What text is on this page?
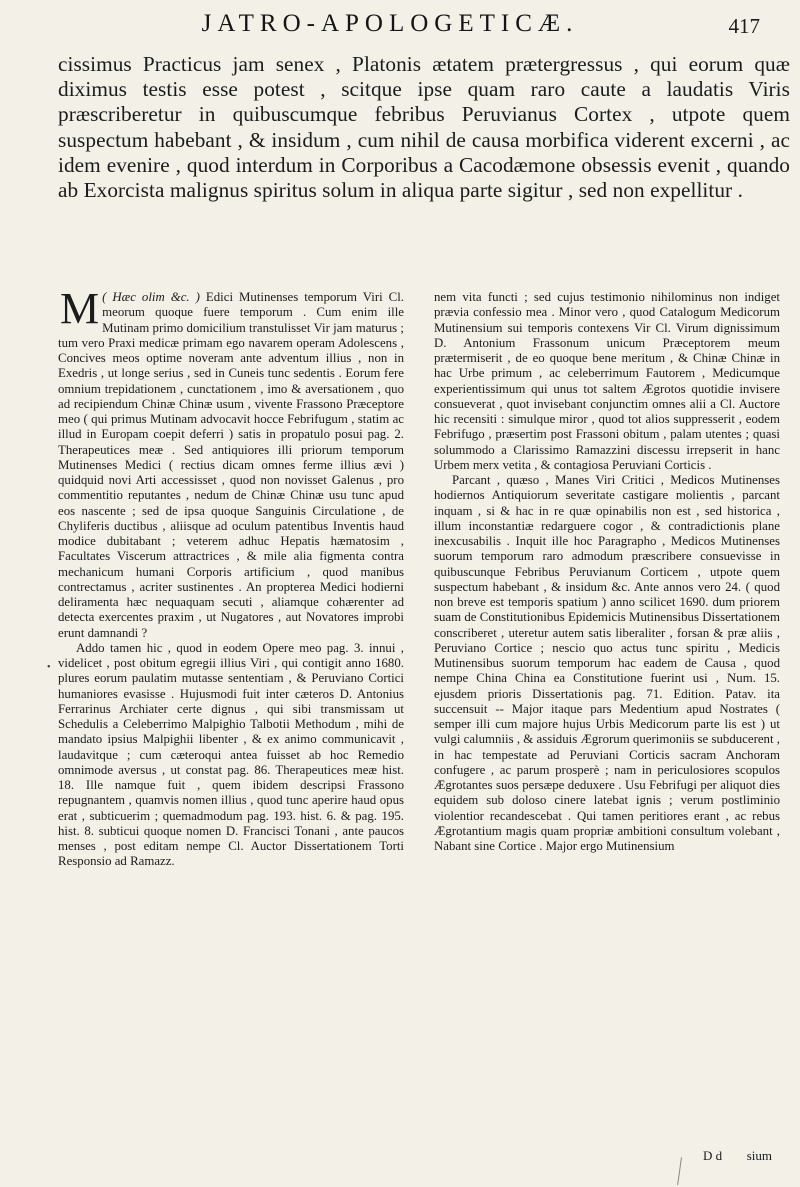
JATRO-APOLOGETICÆ.	417

cissimus Practicus jam senex , Platonis ætatem prætergressus , qui eorum quæ diximus testis esse potest , scitque ipse quam raro caute a laudatis Viris præscriberetur in quibuscumque febribus Peruvianus Cortex , utpote quem suspectum habebant , & insidum , cum nihil de causa morbifica viderent excerni , ac idem evenire , quod interdum in Corporibus a Cacodæmone obsessis evenit , quando ab Exorcista malignus spiritus solum in aliqua parte sigitur , sed non expellitur .

( Hæc olim &c. )
M	Edici Mutinenses temporum Viri Cl. meorum quoque fuere temporum . Cum enim ille Mutinam primo domicilium transtulisset Vir jam maturus ; tum vero Praxi medicæ primam ego navarem operam Adolescens , Concives meos optime noveram ante adventum illius , non in Exedris , ut longe serius , sed in Cuneis tunc sedentis . Eorum fere omnium trepidationem , cunctationem , imo & aversationem , quo ad recipiendum Chinæ Chinæ usum , vivente Frassono Præceptore meo ( qui primus Mutinam advocavit hocce Febrifugum , statim ac illud in Europam coepit deferri ) satis in propatulo posui pag. 2. Therapeutices meæ . Sed antiquiores illi priorum temporum Mutinenses Medici ( rectius dicam omnes ferme illius ævi ) quidquid novi Arti accessisset , quod non novisset Galenus , pro commentitio reputantes , nedum de Chinæ Chinæ usu tunc apud eos nascente ; sed de ipsa quoque Sanguinis Circulatione , de Chyliferis ductibus , aliisque ad oculum patentibus Inventis haud modice dubitabant ; veterem adhuc Hepatis hæmatosim , Facultates Viscerum attractrices , & mile alia figmenta contra mechanicum humani Corporis artificium , quod manibus contrectamus , acriter sustinentes . An propterea Medici hodierni deliramenta hæc nequaquam secuti , aliamque cohærenter ad detecta exercentes praxim , ut Nugatores , aut Novatores improbi erunt damnandi ?

Addo tamen hic , quod in eodem Opere meo pag. 3. innui , videlicet , post obitum egregii illius Viri , qui contigit anno 1680. plures eorum paulatim mutasse sententiam , & Peruviano Cortici humaniores evasisse . Hujusmodi fuit inter cæteros D. Antonius Ferrarinus Archiater certe dignus , qui sibi transmissam ut Schedulis a Celeberrimo Malpighio Talbotii Methodum , mihi de mandato ipsius Malpighii libenter , & ex animo communicavit , laudavitque ; cum cæteroqui antea fuisset ab hoc Remedio omnimode aversus , ut constat pag. 86. Therapeutices meæ hist. 18. Ille namque fuit , quem ibidem descripsi Frassono repugnantem , quamvis nomen illius , quod tunc aperire haud opus erat , subticuerim ; quemadmodum pag. 193. hist. 6. & pag. 195. hist. 8. subticui quoque nomen D. Francisci Tonani , ante paucos menses , post editam nempe Cl. Auctor Dissertationem Torti Responsio ad Ramazz.

nem vita functi ; sed cujus testimonio nihilominus non indiget prævia confessio mea . Minor vero , quod Catalogum Medicorum Mutinensium sui temporis contexens Vir Cl. Virum dignissimum D. Antonium Frassonum unicum Præceptorem meum prætermiserit , de eo quoque bene meritum , & Chinæ Chinæ in hac Urbe primum , ac celeberrimum Fautorem , Medicumque experientissimum qui unus tot saltem Ægrotos quotidie invisere consueverat , quot invisebant conjunctim omnes alii a Cl. Auctore hic recensiti : simulque miror , quod tot alios suppresserit , eodem Febrifugo , præsertim post Frassoni obitum , palam utentes ; quasi solummodo a Clarissimo Ramazzini discessu irrepserit in hanc Urbem merx vetita , & contagiosa Peruviani Corticis .

Parcant , quæso , Manes Viri Critici , Medicos Mutinenses hodiernos Antiquiorum severitate castigare molientis , parcant inquam , si & hac in re quæ opinabilis non est , sed historica , illum inconstantiæ redarguere cogor , & contradictionis plane inexcusabilis . Inquit ille hoc Paragrapho , Medicos Mutinenses suorum temporum raro admodum præscribere consuevisse in quibuscunque Febribus Peruvianum Corticem , utpote quem suspectum habebant , & insidum &c. Ante annos vero 24. ( quod non breve est temporis spatium ) anno scilicet 1690. dum priorem suam de Constitutionibus Epidemicis Mutinensibus Dissertationem conscriberet , uteretur autem satis liberaliter , forsan & præ aliis , Peruviano Cortice ; nescio quo actus tunc spiritu , Medicis Mutinensibus suorum temporum hac eadem de Causa , quod nempe China China ea Constitutione fuerint usi , Num. 15. ejusdem prioris Dissertationis pag. 71. Edition. Patav. ita succensuit -- Major itaque pars Medentium apud Nostrates ( semper illi cum majore hujus Urbis Medicorum parte lis est ) ut vulgi calumniis , & assiduis Ægrorum querimoniis se subducerent , in hac tempestate ad Peruviani Corticis sacram Anchoram confugere , ac parum prosperè ; nam in periculosiores scopulos Ægrotantes suos persæpe deduxere . Usu Febrifugi per aliquot dies equidem sub doloso cinere latebat ignis ; verum postliminio violentior recandescebat . Qui tamen peritiores erant , ac rebus Ægrotantium magis quam propriæ ambitioni consultum volebant , Nabant sine Cortice . Major ergo Mutinensium

•
D d sium
